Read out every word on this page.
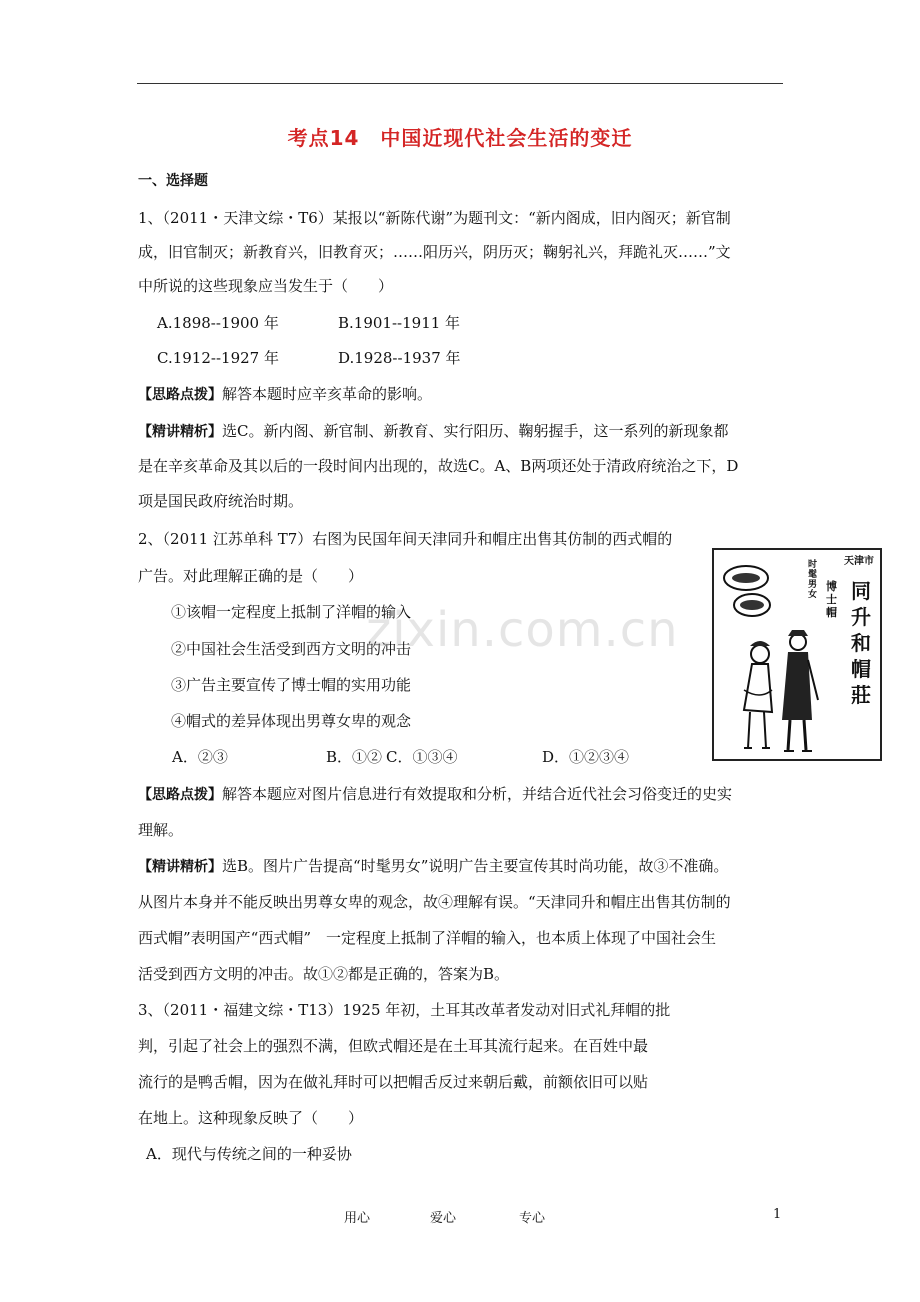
考点14　中国近现代社会生活的变迁
一、选择题
1、（2011・天津文综・T6）某报以“新陈代谢”为题刊文：“新内阁成，旧内阁灭；新官制
成，旧官制灭；新教育兴，旧教育灭；……阳历兴，阴历灭；鞠躬礼兴，拜跪礼灭……”文
中所说的这些现象应当发生于（　　）
A.1898--1900 年	B.1901--1911 年
C.1912--1927 年	D.1928--1937 年
【思路点拨】解答本题时应辛亥革命的影响。
【精讲精析】选C。新内阁、新官制、新教育、实行阳历、鞠躬握手，这一系列的新现象都
是在辛亥革命及其以后的一段时间内出现的，故选C。A、B两项还处于清政府统治之下，D
项是国民政府统治时期。
2、（2011 江苏单科 T7）右图为民国年间天津同升和帽庄出售其仿制的西式帽的
广告。对此理解正确的是（　　）
①该帽一定程度上抵制了洋帽的输入
②中国社会生活受到西方文明的冲击
③广告主要宣传了博士帽的实用功能
④帽式的差异体现出男尊女卑的观念
A．②③	B．①② C．①③④	D．①②③④
博士帽
时髦男女
天津市
同升和帽莊
zixin.com.cn
【思路点拨】解答本题应对图片信息进行有效提取和分析，并结合近代社会习俗变迁的史实
理解。
【精讲精析】选B。图片广告提高“时髦男女”说明广告主要宣传其时尚功能，故③不准确。
从图片本身并不能反映出男尊女卑的观念，故④理解有误。“天津同升和帽庄出售其仿制的
西式帽”表明国产“西式帽”　一定程度上抵制了洋帽的输入，也本质上体现了中国社会生
活受到西方文明的冲击。故①②都是正确的，答案为B。
3、（2011・福建文综・T13）1925 年初，土耳其改革者发动对旧式礼拜帽的批
判，引起了社会上的强烈不满，但欧式帽还是在土耳其流行起来。在百姓中最
流行的是鸭舌帽，因为在做礼拜时可以把帽舌反过来朝后戴，前额依旧可以贴
在地上。这种现象反映了（　　）
A．现代与传统之间的一种妥协
用心	爱心	专心	1
